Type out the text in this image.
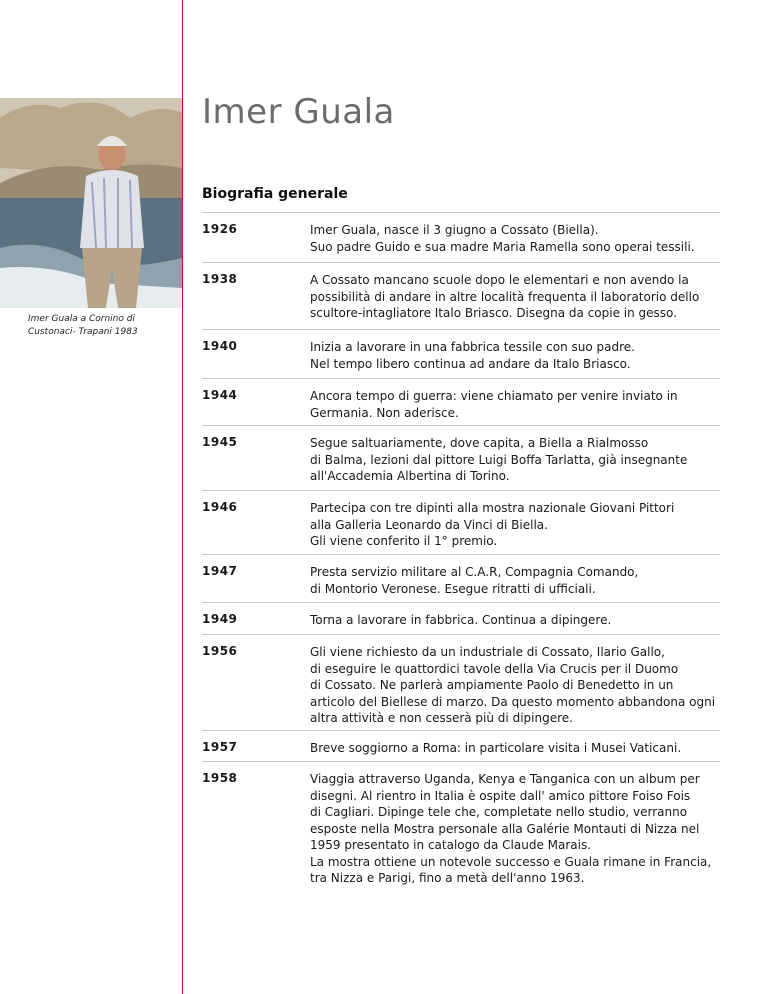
Imer Guala a Cornino di Custonaci- Trapani 1983
Imer Guala
Biografia generale
1926	Imer Guala, nasce il 3 giugno a Cossato (Biella).
Suo padre Guido e sua madre Maria Ramella sono operai tessili.
1938	A Cossato mancano scuole dopo le elementari e non avendo la
possibilità di andare in altre località frequenta il laboratorio dello
scultore-intagliatore Italo Briasco. Disegna da copie in gesso.
1940	Inizia a lavorare in una fabbrica tessile con suo padre.
Nel tempo libero continua ad andare da Italo Briasco.
1944	Ancora tempo di guerra: viene chiamato per venire inviato in
Germania. Non aderisce.
1945	Segue saltuariamente, dove capita, a Biella a Rialmosso
di Balma, lezioni dal pittore Luigi Boffa Tarlatta, già insegnante
all'Accademia Albertina di Torino.
1946	Partecipa con tre dipinti alla mostra nazionale Giovani Pittori
alla Galleria Leonardo da Vinci di Biella.
Gli viene conferito il 1° premio.
1947	Presta servizio militare al C.A.R, Compagnia Comando,
di Montorio Veronese. Esegue ritratti di ufficiali.
1949	Torna a lavorare in fabbrica. Continua a dipingere.
1956	Gli viene richiesto da un industriale di Cossato, Ilario Gallo,
di eseguire le quattordici tavole della Via Crucis per il Duomo
di Cossato. Ne parlerà ampiamente Paolo di Benedetto in un
articolo del Biellese di marzo. Da questo momento abbandona ogni
altra attività e non cesserà più di dipingere.
1957	Breve soggiorno a Roma: in particolare visita i Musei Vaticani.
1958	Viaggia attraverso Uganda, Kenya e Tanganica con un album per
disegni. Al rientro in Italia è ospite dall' amico pittore Foiso Fois
di Cagliari. Dipinge tele che, completate nello studio, verranno
esposte nella Mostra personale alla Galérie Montauti di Nizza nel
1959 presentato in catalogo da Claude Marais.
La mostra ottiene un notevole successo e Guala rimane in Francia,
tra Nizza e Parigi, fino a metà dell'anno 1963.
